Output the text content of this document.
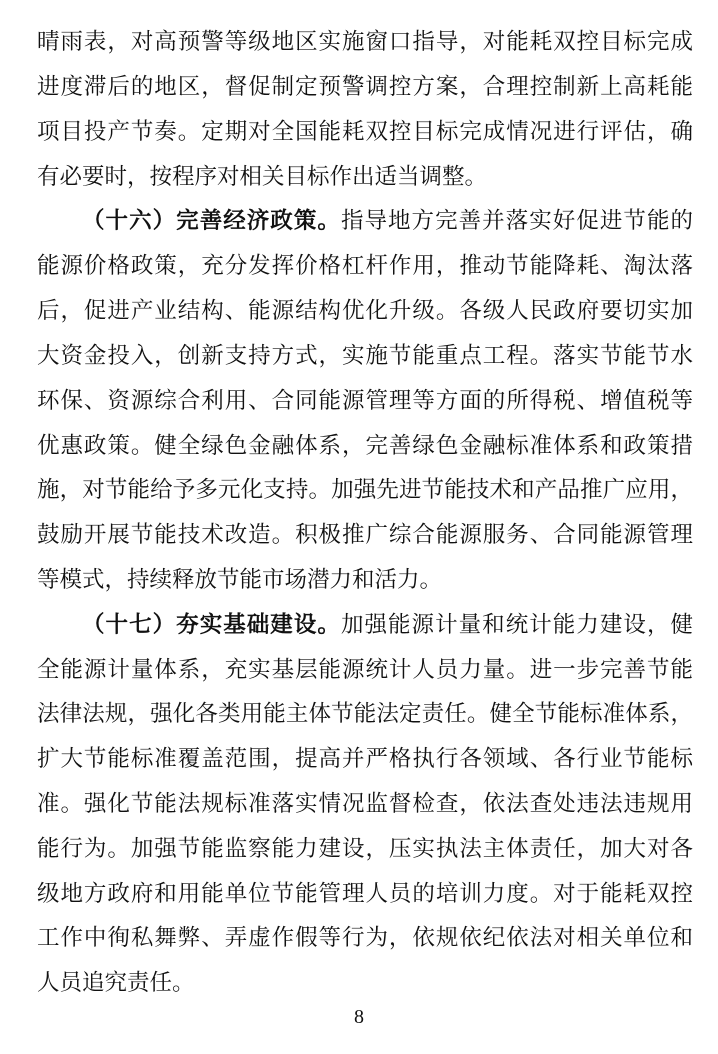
晴雨表，对高预警等级地区实施窗口指导，对能耗双控目标完成
进度滞后的地区，督促制定预警调控方案，合理控制新上高耗能
项目投产节奏。定期对全国能耗双控目标完成情况进行评估，确
有必要时，按程序对相关目标作出适当调整。
（十六）完善经济政策。指导地方完善并落实好促进节能的
能源价格政策，充分发挥价格杠杆作用，推动节能降耗、淘汰落
后，促进产业结构、能源结构优化升级。各级人民政府要切实加
大资金投入，创新支持方式，实施节能重点工程。落实节能节水
环保、资源综合利用、合同能源管理等方面的所得税、增值税等
优惠政策。健全绿色金融体系，完善绿色金融标准体系和政策措
施，对节能给予多元化支持。加强先进节能技术和产品推广应用，
鼓励开展节能技术改造。积极推广综合能源服务、合同能源管理
等模式，持续释放节能市场潜力和活力。
（十七）夯实基础建设。加强能源计量和统计能力建设，健
全能源计量体系，充实基层能源统计人员力量。进一步完善节能
法律法规，强化各类用能主体节能法定责任。健全节能标准体系，
扩大节能标准覆盖范围，提高并严格执行各领域、各行业节能标
准。强化节能法规标准落实情况监督检查，依法查处违法违规用
能行为。加强节能监察能力建设，压实执法主体责任，加大对各
级地方政府和用能单位节能管理人员的培训力度。对于能耗双控
工作中徇私舞弊、弄虚作假等行为，依规依纪依法对相关单位和
人员追究责任。
8
